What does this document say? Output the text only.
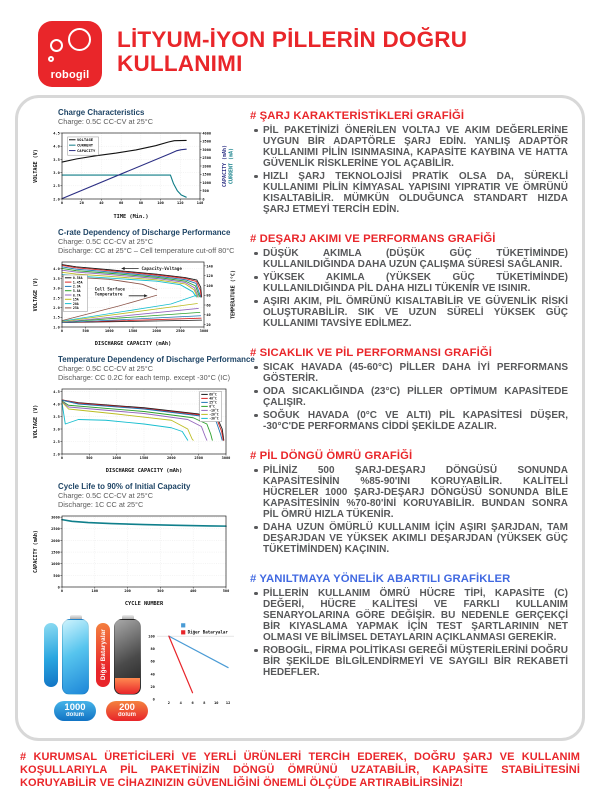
robogil
LİTYUM-İYON PİLLERİN DOĞRU
KULLANIMI
Charge Characteristics
Charge: 0.5C CC-CV at 25°C
0	20	40	60	80	100	120	140
2.0
2.5
3.0
3.5
4.0
4.5
0
500
1000
1500
2000
2500
3000
3500
4000
TIME (Min.)
VOLTAGE (V)	CAPACITY (mAh) CURRENT (mA)
VOLTAGE
CURRENT
CAPACITY
C-rate Dependency of Discharge Performance
Charge: 0.5C CC-CV at 25°C
Discharge: CC at 25°C – Cell temperature cut-off 80°C
0	500	1000	1500	2000	2500	3000
1.0
1.5
2.0
2.5
3.0
3.5
4.0
20
40
60
80
100
120
140
DISCHARGE CAPACITY (mAh)
VOLTAGE (V)	TEMPERATURE (°C)
0.58A
1.45A
2.9A
5.8A
8.7A
15A
20A
25A
Capacity-Voltage
Cell Surface
Temperature
Temperature Dependency of Discharge Performance
Charge: 0.5C CC-CV at 25°C
Discharge: CC 0.2C for each temp. except -30°C (IC)
0	500	1000	1500	2000	2500	3000
2.0
2.5
3.0
3.5
4.0
4.5
DISCHARGE CAPACITY (mAh)
VOLTAGE (V)
60°C
40°C
25°C
0°C
-10°C
-20°C
-30°C
Cycle Life to 90% of Initial Capacity
Charge: 0.5C CC-CV at 25°C
Discharge: 1C CC at 25°C
0	100	200	300	400	500
0
500
1000
1500
2000
2500
3000
CYCLE NUMBER
CAPACITY (mAh)
Diğer Bataryalar
1000
dolum
200
dolum
2	4	6	8 10 12
0
20
40
60
80
100
Diğer Bataryalar
# ŞARJ KARAKTERİSTİKLERİ GRAFİĞİ
PİL PAKETİNİZİ ÖNERİLEN VOLTAJ VE AKIM DEĞERLERİNE UYGUN BİR ADAPTÖRLE ŞARJ EDİN. YANLIŞ ADAPTÖR KULLANIMI PİLİN ISINMASINA, KAPASİTE KAYBINA VE HATTA GÜVENLİK RİSKLERİNE YOL AÇABİLİR.
HIZLI ŞARJ TEKNOLOJİSİ PRATİK OLSA DA, SÜREKLİ KULLANIMI PİLİN KİMYASAL YAPISINI YIPRATIR VE ÖMRÜNÜ KISALTABİLİR. MÜMKÜN OLDUĞUNCA STANDART HIZDA ŞARJ ETMEYİ TERCİH EDİN.
# DEŞARJ AKIMI VE PERFORMANS GRAFİĞİ
DÜŞÜK AKIMLA (DÜŞÜK GÜÇ TÜKETİMİNDE) KULLANILDIĞINDA DAHA UZUN ÇALIŞMA SÜRESİ SAĞLANIR.
YÜKSEK AKIMLA (YÜKSEK GÜÇ TÜKETİMİNDE) KULLANILDIĞINDA PİL DAHA HIZLI TÜKENİR VE ISINIR.
AŞIRI AKIM, PİL ÖMRÜNÜ KISALTABİLİR VE GÜVENLİK RİSKİ OLUŞTURABİLİR. SIK VE UZUN SÜRELİ YÜKSEK GÜÇ KULLANIMI TAVSİYE EDİLMEZ.
# SICAKLIK VE PİL PERFORMANSI GRAFİĞİ
SICAK HAVADA (45-60°C) PİLLER DAHA İYİ PERFORMANS GÖSTERİR.
ODA SICAKLIĞINDA (23°C) PİLLER OPTİMUM KAPASİTEDE ÇALIŞIR.
SOĞUK HAVADA (0°C VE ALTI) PİL KAPASİTESİ DÜŞER, -30°C'DE PERFORMANS CİDDİ ŞEKİLDE AZALIR.
# PİL DÖNGÜ ÖMRÜ GRAFİĞİ
PİLİNİZ 500 ŞARJ-DEŞARJ DÖNGÜSÜ SONUNDA KAPASİTESİNİN %85-90'INI KORUYABİLİR. KALİTELİ HÜCRELER 1000 ŞARJ-DEŞARJ DÖNGÜSÜ SONUNDA BİLE KAPASİTESİNİN %70-80'İNİ KORUYABİLİR. BUNDAN SONRA PİL ÖMRÜ HIZLA TÜKENİR.
DAHA UZUN ÖMÜRLÜ KULLANIM İÇİN AŞIRI ŞARJDAN, TAM DEŞARJDAN VE YÜKSEK AKIMLI DEŞARJDAN (YÜKSEK GÜÇ TÜKETİMİNDEN) KAÇININ.
# YANILTMAYA YÖNELİK ABARTILI GRAFİKLER
PİLLERİN KULLANIM ÖMRÜ HÜCRE TİPİ, KAPASİTE (C) DEĞERİ, HÜCRE KALİTESİ VE FARKLI KULLANIM SENARYOLARINA GÖRE DEĞİŞİR. BU NEDENLE GERÇEKÇİ BİR KIYASLAMA YAPMAK İÇİN TEST ŞARTLARININ NET OLMASI VE BİLİMSEL DETAYLARIN AÇIKLANMASI GEREKİR.
ROBOGİL, FİRMA POLİTİKASI GEREĞİ MÜŞTERİLERİNİ DOĞRU BİR ŞEKİLDE BİLGİLENDİRMEYİ VE SAYGILI BİR REKABETİ HEDEFLER.
# KURUMSAL ÜRETİCİLERİ VE YERLİ ÜRÜNLERİ TERCİH EDEREK, DOĞRU ŞARJ VE KULLANIM KOŞULLARIYLA PİL PAKETİNİZİN DÖNGÜ ÖMRÜNÜ UZATABİLİR, KAPASİTE STABİLİTESİNİ KORUYABİLİR VE CİHAZINIZIN GÜVENLİĞİNİ ÖNEMLİ ÖLÇÜDE ARTIRABİLİRSİNİZ!
